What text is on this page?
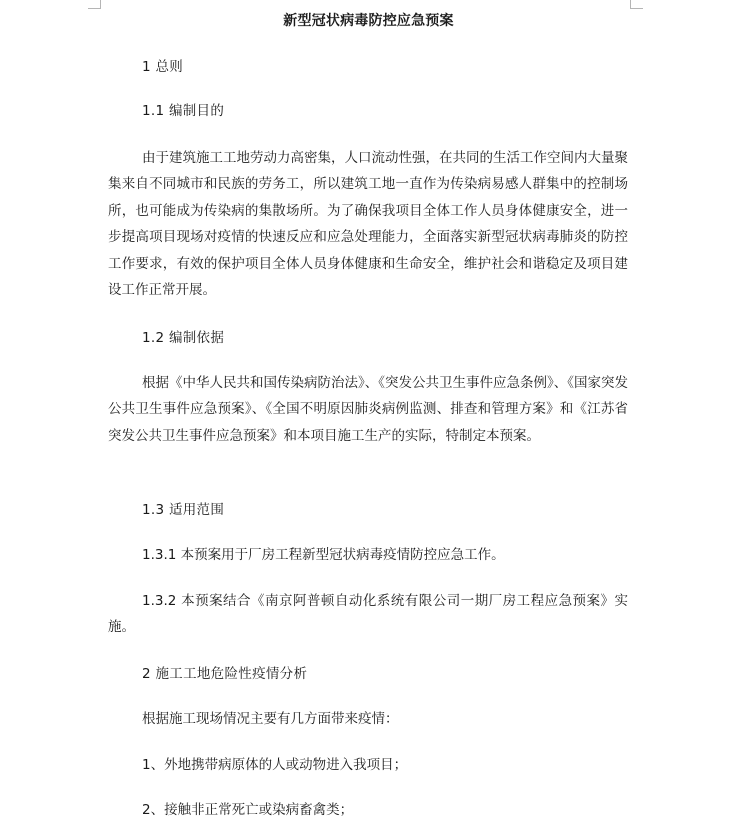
新型冠状病毒防控应急预案
1 总则
1.1 编制目的
由于建筑施工工地劳动力高密集，人口流动性强，在共同的生活工作空间内大量聚集来自不同城市和民族的劳务工，所以建筑工地一直作为传染病易感人群集中的控制场所，也可能成为传染病的集散场所。为了确保我项目全体工作人员身体健康安全，进一步提高项目现场对疫情的快速反应和应急处理能力，全面落实新型冠状病毒肺炎的防控工作要求，有效的保护项目全体人员身体健康和生命安全，维护社会和谐稳定及项目建设工作正常开展。
1.2 编制依据
根据《中华人民共和国传染病防治法》、《突发公共卫生事件应急条例》、《国家突发公共卫生事件应急预案》、《全国不明原因肺炎病例监测、排查和管理方案》和《江苏省突发公共卫生事件应急预案》和本项目施工生产的实际，特制定本预案。
1.3 适用范围
1.3.1 本预案用于厂房工程新型冠状病毒疫情防控应急工作。
1.3.2 本预案结合《南京阿普顿自动化系统有限公司一期厂房工程应急预案》实施。
2 施工工地危险性疫情分析
根据施工现场情况主要有几方面带来疫情：
1、外地携带病原体的人或动物进入我项目；
2、接触非正常死亡或染病畜禽类；
